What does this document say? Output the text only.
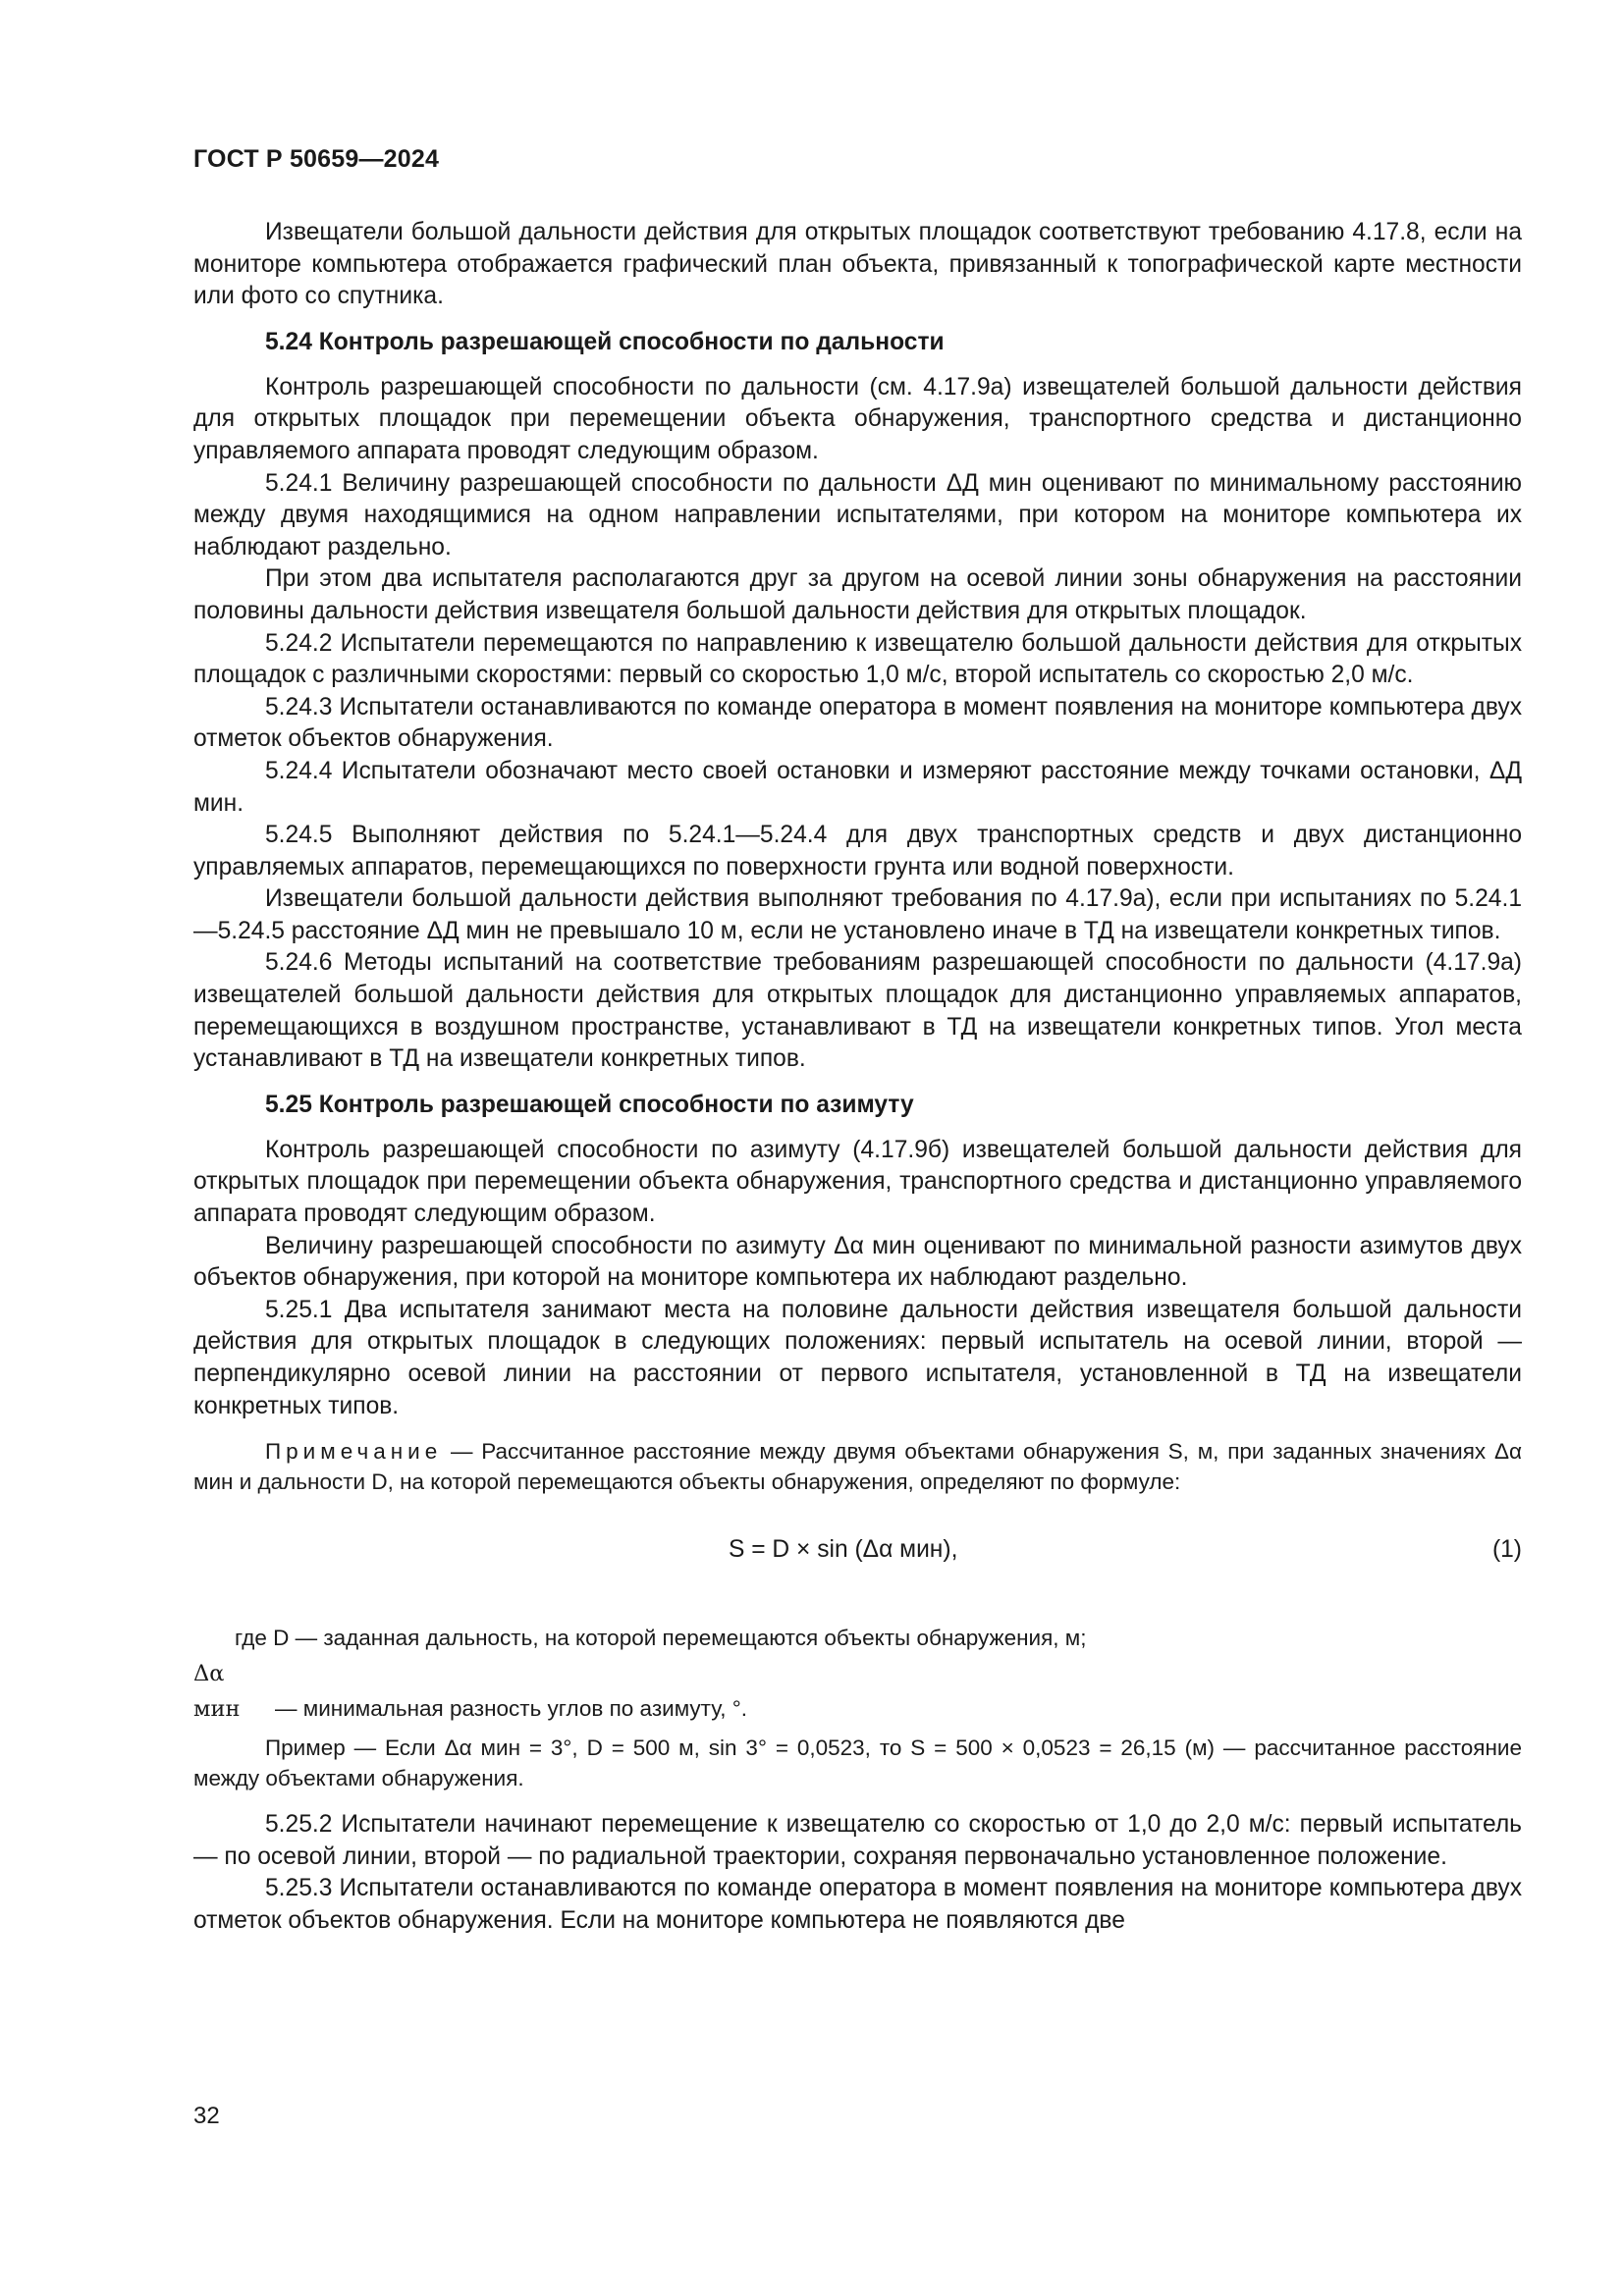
ГОСТ Р 50659—2024

Извещатели большой дальности действия для открытых площадок соответствуют требованию 4.17.8, если на мониторе компьютера отображается графический план объекта, привязанный к топографической карте местности или фото со спутника.

5.24 Контроль разрешающей способности по дальности

Контроль разрешающей способности по дальности (см. 4.17.9а) извещателей большой дальности действия для открытых площадок при перемещении объекта обнаружения, транспортного средства и дистанционно управляемого аппарата проводят следующим образом.

5.24.1 Величину разрешающей способности по дальности ΔД мин оценивают по минимальному расстоянию между двумя находящимися на одном направлении испытателями, при котором на мониторе компьютера их наблюдают раздельно.

При этом два испытателя располагаются друг за другом на осевой линии зоны обнаружения на расстоянии половины дальности действия извещателя большой дальности действия для открытых площадок.

5.24.2 Испытатели перемещаются по направлению к извещателю большой дальности действия для открытых площадок с различными скоростями: первый со скоростью 1,0 м/с, второй испытатель со скоростью 2,0 м/с.

5.24.3 Испытатели останавливаются по команде оператора в момент появления на мониторе компьютера двух отметок объектов обнаружения.

5.24.4 Испытатели обозначают место своей остановки и измеряют расстояние между точками остановки, ΔД мин.

5.24.5 Выполняют действия по 5.24.1—5.24.4 для двух транспортных средств и двух дистанционно управляемых аппаратов, перемещающихся по поверхности грунта или водной поверхности.

Извещатели большой дальности действия выполняют требования по 4.17.9а), если при испытаниях по 5.24.1—5.24.5 расстояние ΔД мин не превышало 10 м, если не установлено иначе в ТД на извещатели конкретных типов.

5.24.6 Методы испытаний на соответствие требованиям разрешающей способности по дальности (4.17.9а) извещателей большой дальности действия для открытых площадок для дистанционно управляемых аппаратов, перемещающихся в воздушном пространстве, устанавливают в ТД на извещатели конкретных типов. Угол места устанавливают в ТД на извещатели конкретных типов.

5.25 Контроль разрешающей способности по азимуту

Контроль разрешающей способности по азимуту (4.17.9б) извещателей большой дальности действия для открытых площадок при перемещении объекта обнаружения, транспортного средства и дистанционно управляемого аппарата проводят следующим образом.

Величину разрешающей способности по азимуту Δα мин оценивают по минимальной разности азимутов двух объектов обнаружения, при которой на мониторе компьютера их наблюдают раздельно.

5.25.1 Два испытателя занимают места на половине дальности действия извещателя большой дальности действия для открытых площадок в следующих положениях: первый испытатель на осевой линии, второй — перпендикулярно осевой линии на расстоянии от первого испытателя, установленной в ТД на извещатели конкретных типов.

Примечание — Рассчитанное расстояние между двумя объектами обнаружения S, м, при заданных значениях Δα мин и дальности D, на которой перемещаются объекты обнаружения, определяют по формуле:

S = D × sin (Δα мин),	(1)
где D — заданная дальность, на которой перемещаются объекты обнаружения, м;
Δα мин — минимальная разность углов по азимуту, °.

Пример — Если Δα мин = 3°, D = 500 м, sin 3° = 0,0523, то S = 500 × 0,0523 = 26,15 (м) — рассчитанное расстояние между объектами обнаружения.

5.25.2 Испытатели начинают перемещение к извещателю со скоростью от 1,0 до 2,0 м/с: первый испытатель — по осевой линии, второй — по радиальной траектории, сохраняя первоначально установленное положение.

5.25.3 Испытатели останавливаются по команде оператора в момент появления на мониторе компьютера двух отметок объектов обнаружения. Если на мониторе компьютера не появляются две

32
